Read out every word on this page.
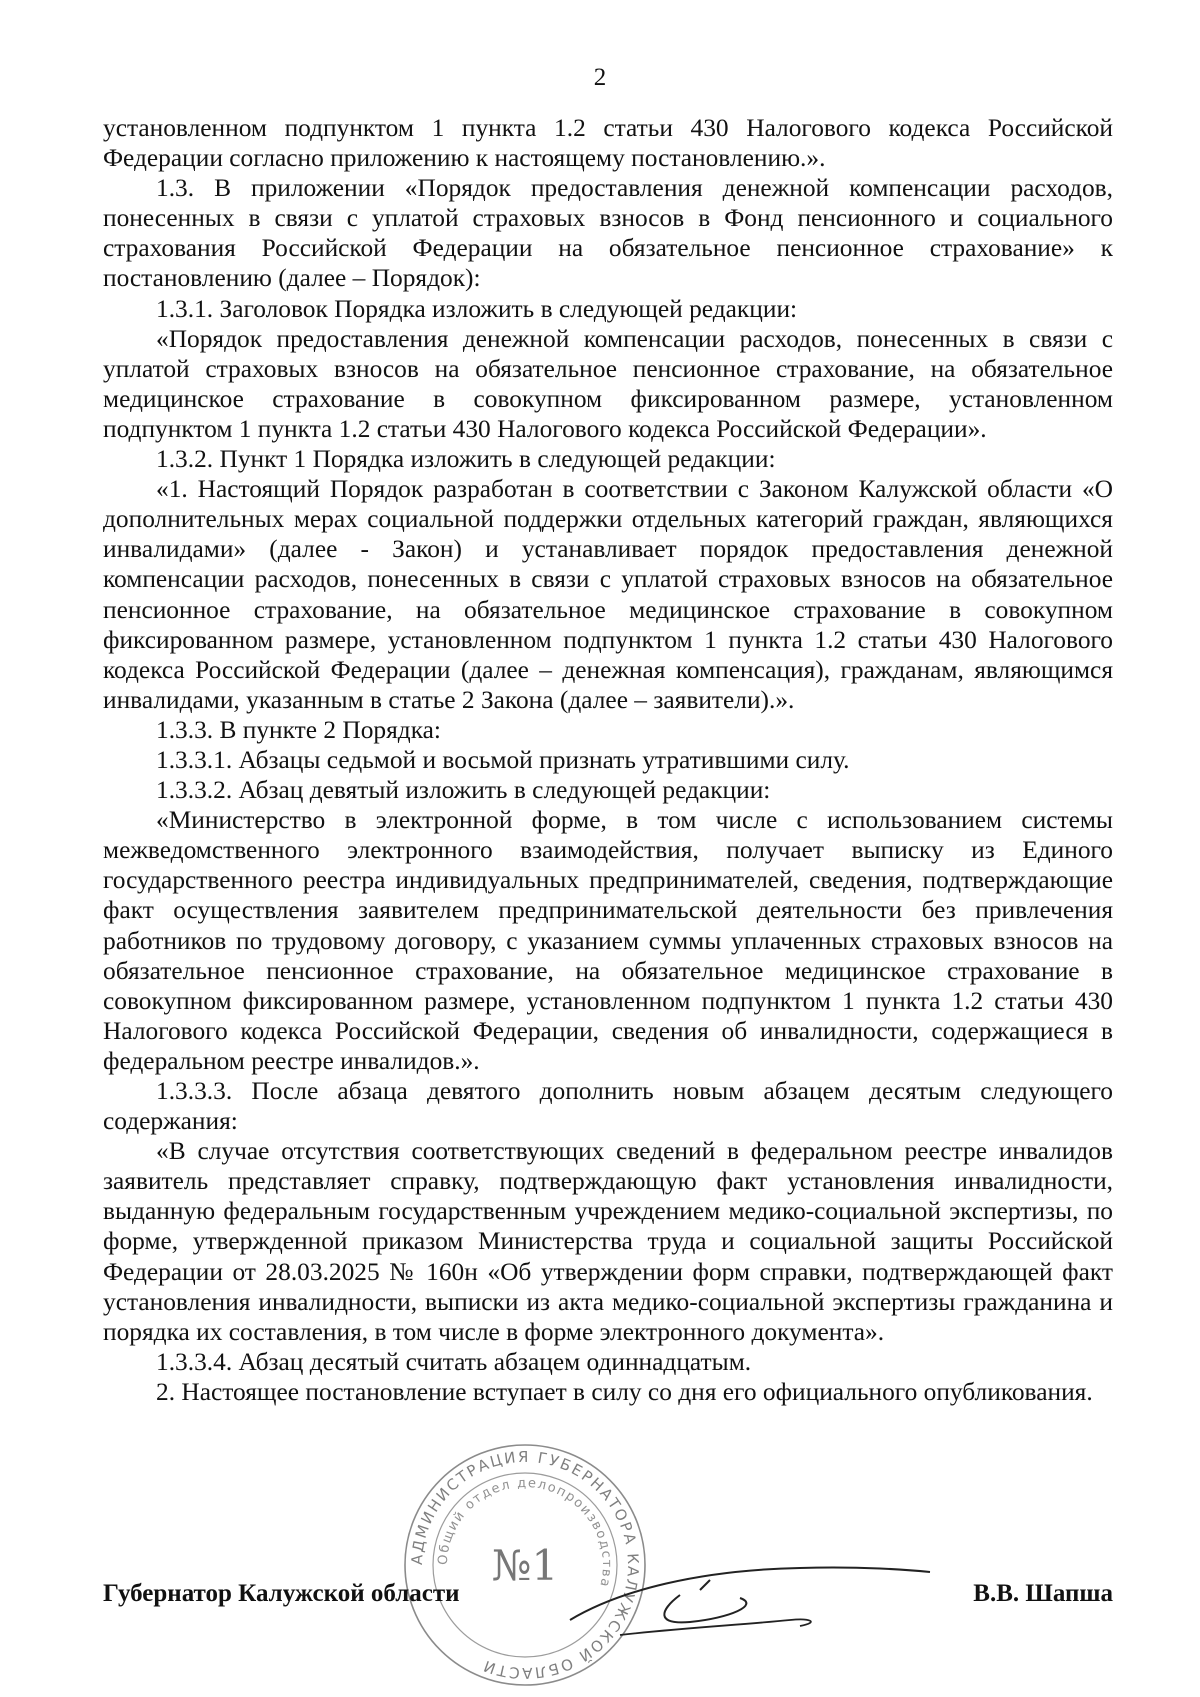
2

установленном подпунктом 1 пункта 1.2 статьи 430 Налогового кодекса Российской Федерации согласно приложению к настоящему постановлению.».

1.3. В приложении «Порядок предоставления денежной компенсации расходов, понесенных в связи с уплатой страховых взносов в Фонд пенсионного и социального страхования Российской Федерации на обязательное пенсионное страхование» к постановлению (далее – Порядок):

1.3.1. Заголовок Порядка изложить в следующей редакции:

«Порядок предоставления денежной компенсации расходов, понесенных в связи с уплатой страховых взносов на обязательное пенсионное страхование, на обязательное медицинское страхование в совокупном фиксированном размере, установленном подпунктом 1 пункта 1.2 статьи 430 Налогового кодекса Российской Федерации».

1.3.2. Пункт 1 Порядка изложить в следующей редакции:

«1. Настоящий Порядок разработан в соответствии с Законом Калужской области «О дополнительных мерах социальной поддержки отдельных категорий граждан, являющихся инвалидами» (далее - Закон) и устанавливает порядок предоставления денежной компенсации расходов, понесенных в связи с уплатой страховых взносов на обязательное пенсионное страхование, на обязательное медицинское страхование в совокупном фиксированном размере, установленном подпунктом 1 пункта 1.2 статьи 430 Налогового кодекса Российской Федерации (далее – денежная компенсация), гражданам, являющимся инвалидами, указанным в статье 2 Закона (далее – заявители).».

1.3.3. В пункте 2 Порядка:

1.3.3.1. Абзацы седьмой и восьмой признать утратившими силу.

1.3.3.2. Абзац девятый изложить в следующей редакции:

«Министерство в электронной форме, в том числе с использованием системы межведомственного электронного взаимодействия, получает выписку из Единого государственного реестра индивидуальных предпринимателей, сведения, подтверждающие факт осуществления заявителем предпринимательской деятельности без привлечения работников по трудовому договору, с указанием суммы уплаченных страховых взносов на обязательное пенсионное страхование, на обязательное медицинское страхование в совокупном фиксированном размере, установленном подпунктом 1 пункта 1.2 статьи 430 Налогового кодекса Российской Федерации, сведения об инвалидности, содержащиеся в федеральном реестре инвалидов.».

1.3.3.3. После абзаца девятого дополнить новым абзацем десятым следующего содержания:

«В случае отсутствия соответствующих сведений в федеральном реестре инвалидов заявитель представляет справку, подтверждающую факт установления инвалидности, выданную федеральным государственным учреждением медико-социальной экспертизы, по форме, утвержденной приказом Министерства труда и социальной защиты Российской Федерации от 28.03.2025 № 160н «Об утверждении форм справки, подтверждающей факт установления инвалидности, выписки из акта медико-социальной экспертизы гражданина и порядка их составления, в том числе в форме электронного документа».

1.3.3.4. Абзац десятый считать абзацем одиннадцатым.

2. Настоящее постановление вступает в силу со дня его официального опубликования.

АДМИНИСТРАЦИЯ ГУБЕРНАТОРА КАЛУЖСКОЙ ОБЛАСТИ
Общий отдел делопроизводства
№1
Губернатор Калужской области	В.В. Шапша
